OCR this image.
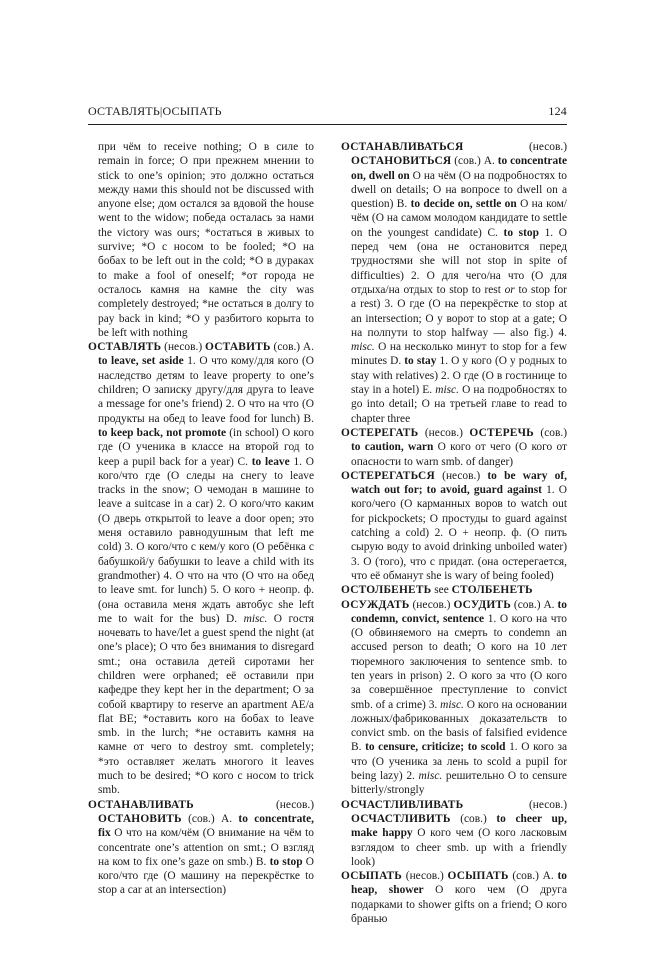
ОСТАВЛЯТЬ|ОСЫПАТЬ	124

при чём to receive nothing; О в силе to remain in force; О при прежнем мнении to stick to one’s opinion; это должно остаться между нами this should not be discussed with anyone else; дом остался за вдовой the house went to the widow; победа осталась за нами the victory was ours; *остаться в живых to survive; *О с носом to be fooled; *О на бобах to be left out in the cold; *О в дураках to make a fool of oneself; *от города не осталось камня на камне the city was completely destroyed; *не остаться в долгу to pay back in kind; *О у разбитого корыта to be left with nothing

ОСТАВЛЯТЬ (несов.) ОСТАВИТЬ (сов.) А. to leave, set aside 1. О что кому/для кого (О наследство детям to leave property to one’s children; О записку другу/для друга to leave a message for one’s friend) 2. О что на что (О продукты на обед to leave food for lunch) B. to keep back, not promote (in school) О кого где (О ученика в классе на второй год to keep a pupil back for a year) C. to leave 1. О кого/что где (О следы на снегу to leave tracks in the snow; О чемодан в машине to leave a suitcase in a car) 2. О кого/что каким (О дверь открытой to leave a door open; это меня оставило равнодушным that left me cold) 3. О кого/что с кем/у кого (О ребёнка с бабушкой/у бабушки to leave a child with its grandmother) 4. О что на что (О что на обед to leave smt. for lunch) 5. О кого + неопр. ф. (она оставила меня ждать автобус she left me to wait for the bus) D. misc. О гостя ночевать to have/let a guest spend the night (at one’s place); О что без внимания to disregard smt.; она оставила детей сиротами her children were orphaned; её оставили при кафедре they kept her in the department; О за собой квартиру to reserve an apartment AE/a flat BE; *оставить кого на бобах to leave smb. in the lurch; *не оставить камня на камне от чего to destroy smt. completely; *это оставляет желать многого it leaves much to be desired; *О кого с носом to trick smb.

ОСТАНАВЛИВАТЬ (несов.) ОСТАНОВИТЬ (сов.) А. to concentrate, fix О что на ком/чём (О внимание на чём to concentrate one’s attention on smt.; О взгляд на ком to fix one’s gaze on smb.) B. to stop О кого/что где (О машину на перекрёстке to stop a car at an intersection)

ОСТАНАВЛИВАТЬСЯ (несов.) ОСТАНОВИТЬСЯ (сов.) А. to concentrate on, dwell on О на чём (О на подробностях to dwell on details; О на вопросе to dwell on a question) B. to decide on, settle on О на ком/чём (О на самом молодом кандидате to settle on the youngest candidate) C. to stop 1. О перед чем (она не остановится перед трудностями she will not stop in spite of difficulties) 2. О для чего/на что (О для отдыха/на отдых to stop to rest or to stop for a rest) 3. О где (О на перекрёстке to stop at an intersection; О у ворот to stop at a gate; О на полпути to stop halfway — also fig.) 4. misc. О на несколько минут to stop for a few minutes D. to stay 1. О у кого (О у родных to stay with relatives) 2. О где (О в гостинице to stay in a hotel) E. misc. О на подробностях to go into detail; О на третьей главе to read to chapter three

ОСТЕРЕГАТЬ (несов.) ОСТЕРЕЧЬ (сов.) to caution, warn О кого от чего (О кого от опасности to warn smb. of danger)

ОСТЕРЕГАТЬСЯ (несов.) to be wary of, watch out for; to avoid, guard against 1. О кого/чего (О карманных воров to watch out for pickpockets; О простуды to guard against catching a cold) 2. О + неопр. ф. (О пить сырую воду to avoid drinking unboiled water) 3. О (того), что с придат. (она остерегается, что её обманут she is wary of being fooled)

ОСТОЛБЕНЕТЬ see СТОЛБЕНЕТЬ

ОСУЖДАТЬ (несов.) ОСУДИТЬ (сов.) А. to condemn, convict, sentence 1. О кого на что (О обвиняемого на смерть to condemn an accused person to death; О кого на 10 лет тюремного заключения to sentence smb. to ten years in prison) 2. О кого за что (О кого за совершённое преступление to convict smb. of a crime) 3. misc. О кого на основании ложных/фабрикованных доказательств to convict smb. on the basis of falsified evidence B. to censure, criticize; to scold 1. О кого за что (О ученика за лень to scold a pupil for being lazy) 2. misc. решительно О to censure bitterly/strongly

ОСЧАСТЛИВЛИВАТЬ (несов.) ОСЧАСТЛИВИТЬ (сов.) to cheer up, make happy О кого чем (О кого ласковым взглядом to cheer smb. up with a friendly look)

ОСЫПАТЬ (несов.) ОСЫПАТЬ (сов.) А. to heap, shower О кого чем (О друга подарками to shower gifts on a friend; О кого бранью
